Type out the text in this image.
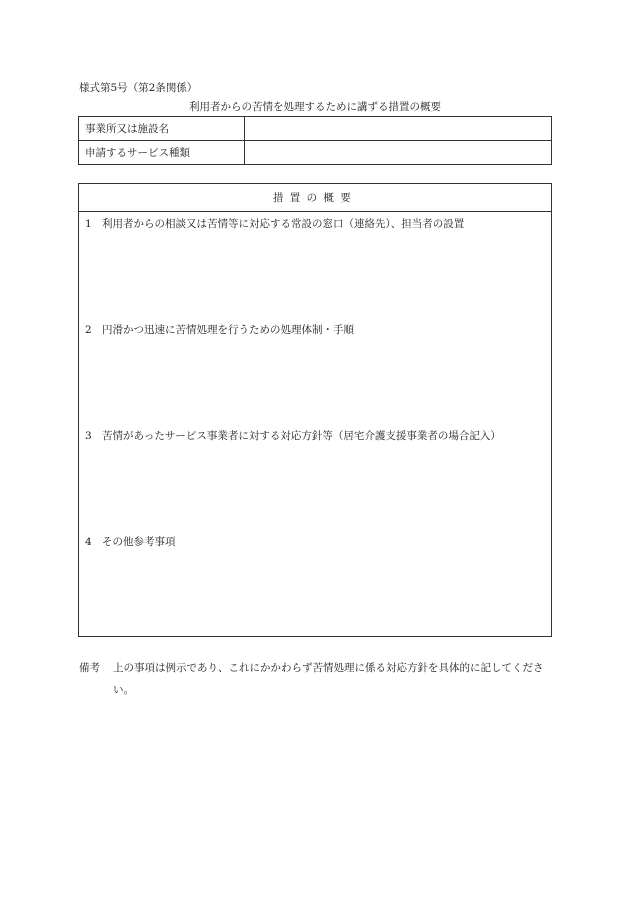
様式第5号（第2条関係）
利用者からの苦情を処理するために講ずる措置の概要
事業所又は施設名	
申請するサービス種類	
措置の概要
1 利用者からの相談又は苦情等に対応する常設の窓口（連絡先）、担当者の設置
2 円滑かつ迅速に苦情処理を行うための処理体制・手順
3 苦情があったサービス事業者に対する対応方針等（居宅介護支援事業者の場合記入）
4 その他参考事項
備考	上の事項は例示であり、これにかかわらず苦情処理に係る対応方針を具体的に記してください。
